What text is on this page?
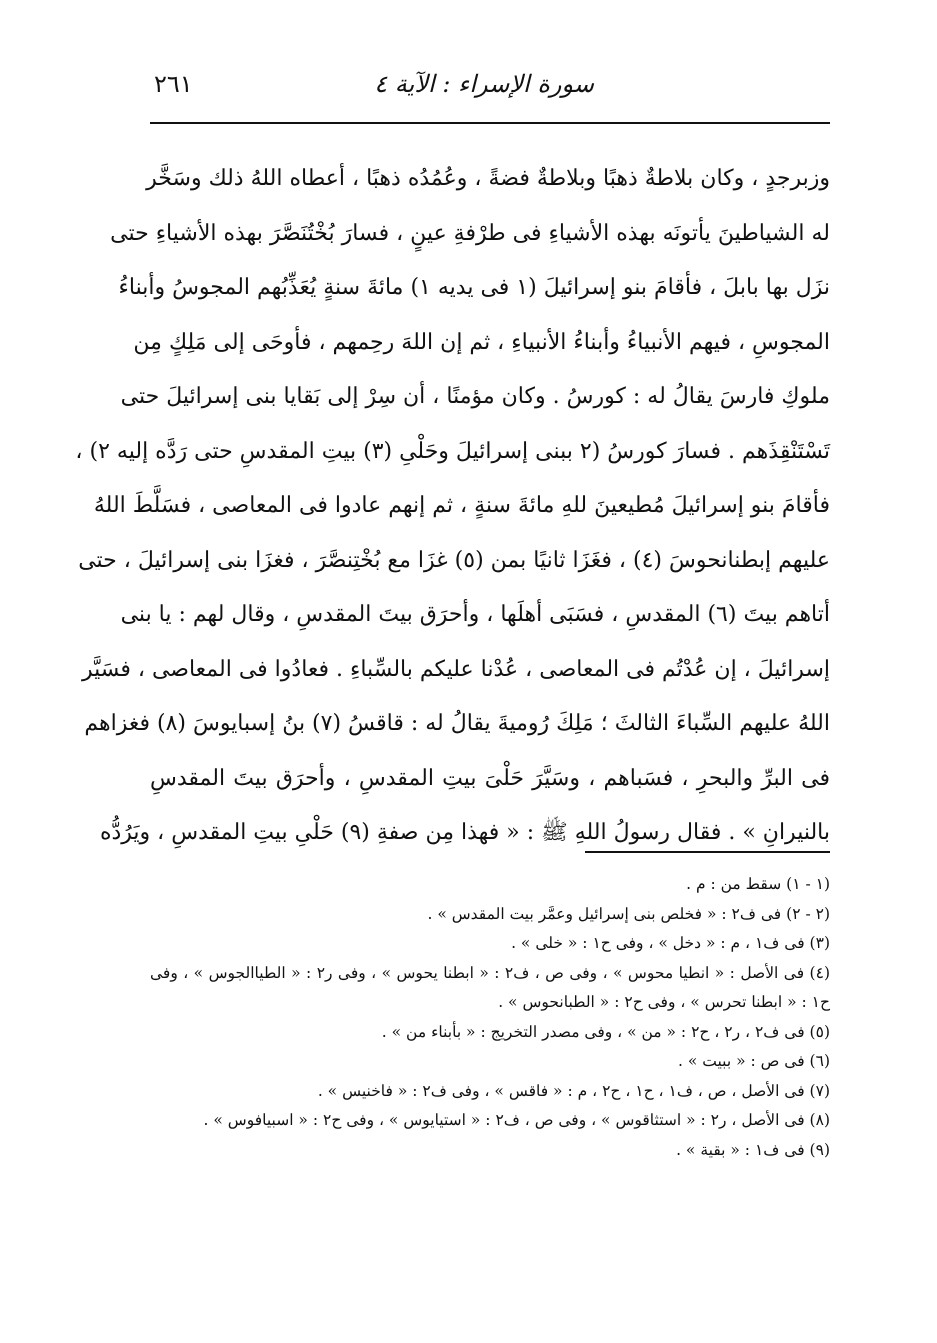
سورة الإسراء : الآية ٤
٢٦١
وزبرجدٍ ، وكان بلاطةٌ ذهبًا وبلاطةٌ فضةً ، وعُمُدُه ذهبًا ، أعطاه اللهُ ذلك وسَخَّر
له الشياطينَ يأتونَه بهذه الأشياءِ فى طرْفةِ عينٍ ، فسارَ بُخْتُنَصَّرَ بهذه الأشياءِ حتى
نزَل بها بابلَ ، فأقامَ بنو إسرائيلَ (١ فى يديه ١) مائةَ سنةٍ يُعَذِّبُهم المجوسُ وأبناءُ
المجوسِ ، فيهم الأنبياءُ وأبناءُ الأنبياءِ ، ثم إن اللهَ رحِمهم ، فأوحَى إلى مَلِكٍ مِن
ملوكِ فارسَ يقالُ له : كورسُ . وكان مؤمنًا ، أن سِرْ إلى بَقايا بنى إسرائيلَ حتى
تَسْتَنْقِذَهم . فسارَ كورسُ (٢ ببنى إسرائيلَ وحَلْىِ (٣) بيتِ المقدسِ حتى رَدَّه إليه ٢) ،
فأقامَ بنو إسرائيلَ مُطيعينَ للهِ مائةَ سنةٍ ، ثم إنهم عادوا فى المعاصى ، فسَلَّطَ اللهُ
عليهم إبطنانحوسَ (٤) ، فغَزَا ثانيًا بمن (٥) غزَا مع بُخْتِنصَّرَ ، فغزَا بنى إسرائيلَ ، حتى
أتاهم بيتَ (٦) المقدسِ ، فسَبَى أهلَها ، وأحرَق بيتَ المقدسِ ، وقال لهم : يا بنى
إسرائيلَ ، إن عُدْتُم فى المعاصى ، عُدْنا عليكم بالسِّباءِ . فعادُوا فى المعاصى ، فسَيَّر
اللهُ عليهم السِّباءَ الثالثَ ؛ مَلِكَ رُوميةَ يقالُ له : قاقسُ (٧) بنُ إسبايوسَ (٨) فغزاهم
فى البرِّ والبحرِ ، فسَباهم ، وسَيَّرَ حَلْىَ بيتِ المقدسِ ، وأحرَق بيتَ المقدسِ
بالنيرانِ » . فقال رسولُ اللهِ ﷺ : « فهذا مِن صفةِ (٩) حَلْىِ بيتِ المقدسِ ، ويَرُدُّه
(١ - ١) سقط من : م .
(٢ - ٢) فى ف٢ : « فخلص بنى إسرائيل وعمَّر بيت المقدس » .
(٣) فى ف١ ، م : « دخل » ، وفى ح١ : « خلى » .
(٤) فى الأصل : « انطيا محوس » ، وفى ص ، ف٢ : « ابطنا يحوس » ، وفى ر٢ : « الطياالجوس » ، وفى
ح١ : « ابطنا تحرس » ، وفى ح٢ : « الطبانحوس » .
(٥) فى ف٢ ، ر٢ ، ح٢ : « من » ، وفى مصدر التخريج : « بأبناء من » .
(٦) فى ص : « ببيت » .
(٧) فى الأصل ، ص ، ف١ ، ح١ ، ح٢ ، م : « فاقس » ، وفى ف٢ : « فاخنيس » .
(٨) فى الأصل ، ر٢ : « استثاقوس » ، وفى ص ، ف٢ : « استيايوس » ، وفى ح٢ : « اسبيافوس » .
(٩) فى ف١ : « بقية » .
